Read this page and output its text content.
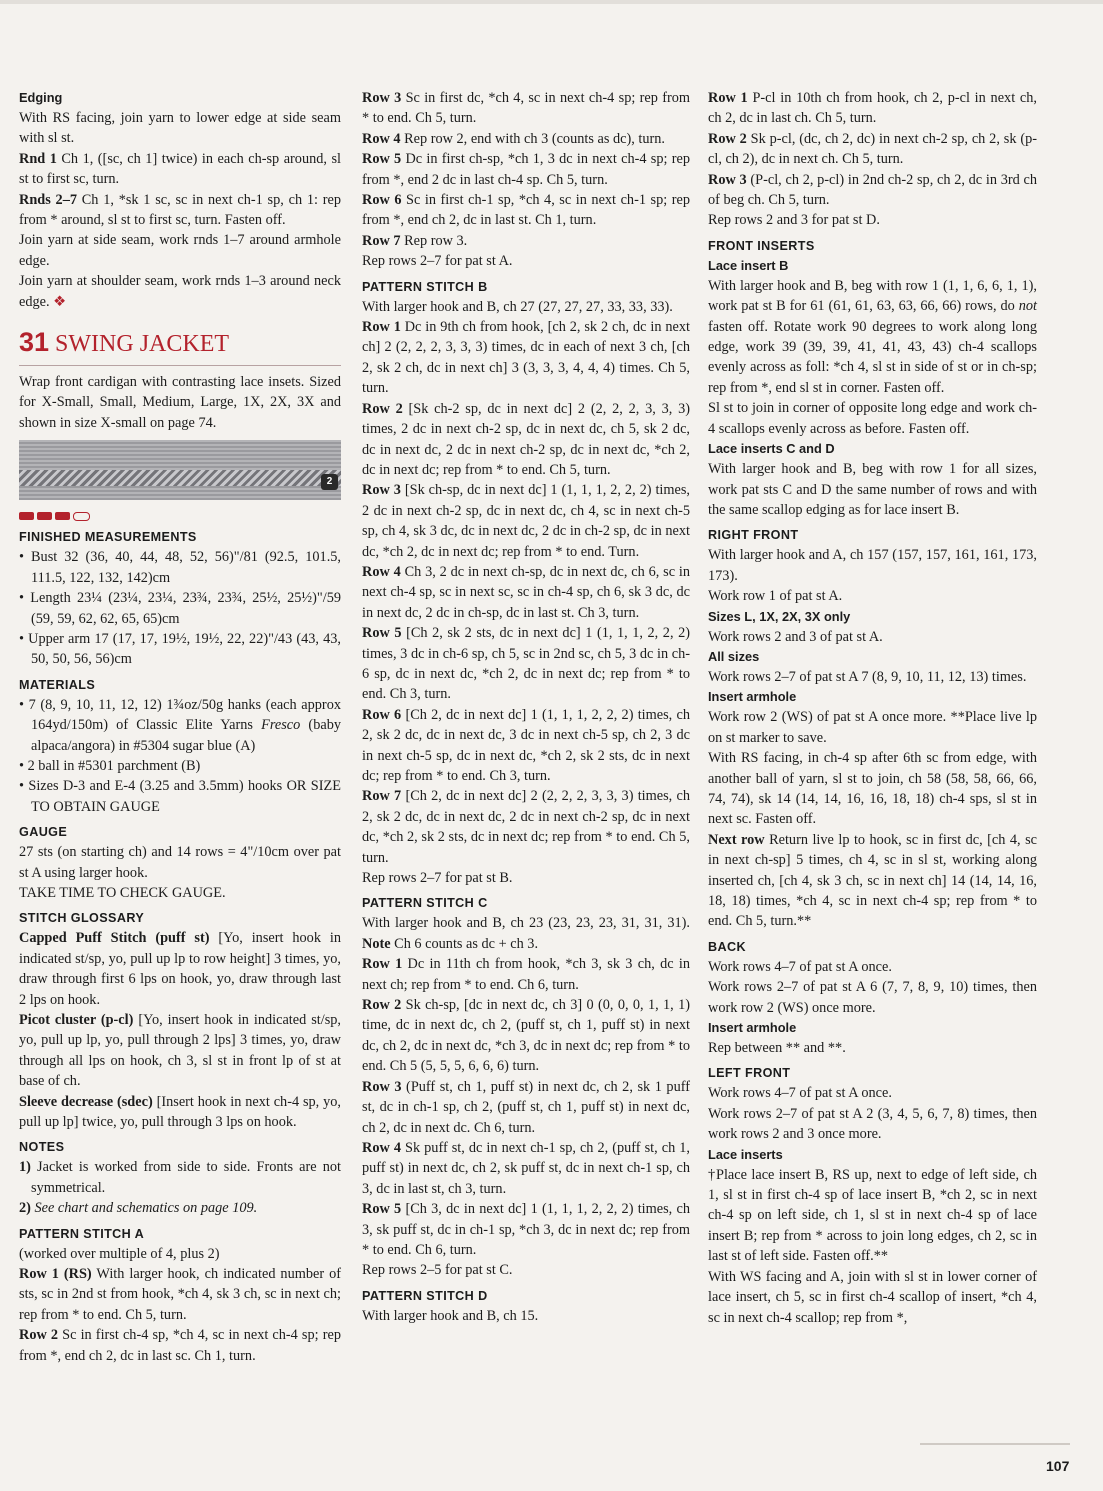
Edging

With RS facing, join yarn to lower edge at side seam with sl st.

Rnd 1 Ch 1, ([sc, ch 1] twice) in each ch-sp around, sl st to first sc, turn.

Rnds 2–7 Ch 1, *sk 1 sc, sc in next ch-1 sp, ch 1: rep from * around, sl st to first sc, turn. Fasten off.

Join yarn at side seam, work rnds 1–7 around armhole edge.

Join yarn at shoulder seam, work rnds 1–3 around neck edge. ❖

31 SWING JACKET

Wrap front cardigan with contrasting lace insets. Sized for X-Small, Small, Medium, Large, 1X, 2X, 3X and shown in size X-small on page 74.

2
FINISHED MEASUREMENTS

• Bust 32 (36, 40, 44, 48, 52, 56)"/81 (92.5, 101.5, 111.5, 122, 132, 142)cm

• Length 23¼ (23¼, 23¼, 23¾, 23¾, 25½, 25½)"/59 (59, 59, 62, 62, 65, 65)cm

• Upper arm 17 (17, 17, 19½, 19½, 22, 22)"/43 (43, 43, 50, 50, 56, 56)cm

MATERIALS

• 7 (8, 9, 10, 11, 12, 12) 1¾oz/50g hanks (each approx 164yd/150m) of Classic Elite Yarns Fresco (baby alpaca/angora) in #5304 sugar blue (A)

• 2 ball in #5301 parchment (B)

• Sizes D-3 and E-4 (3.25 and 3.5mm) hooks OR SIZE TO OBTAIN GAUGE

GAUGE

27 sts (on starting ch) and 14 rows = 4"/10cm over pat st A using larger hook.

TAKE TIME TO CHECK GAUGE.

STITCH GLOSSARY

Capped Puff Stitch (puff st) [Yo, insert hook in indicated st/sp, yo, pull up lp to row height] 3 times, yo, draw through first 6 lps on hook, yo, draw through last 2 lps on hook.

Picot cluster (p-cl) [Yo, insert hook in indicated st/sp, yo, pull up lp, yo, pull through 2 lps] 3 times, yo, draw through all lps on hook, ch 3, sl st in front lp of st at base of ch.

Sleeve decrease (sdec) [Insert hook in next ch-4 sp, yo, pull up lp] twice, yo, pull through 3 lps on hook.

NOTES

1) Jacket is worked from side to side. Fronts are not symmetrical.

2) See chart and schematics on page 109.

PATTERN STITCH A

(worked over multiple of 4, plus 2)

Row 1 (RS) With larger hook, ch indicated number of sts, sc in 2nd st from hook, *ch 4, sk 3 ch, sc in next ch; rep from * to end. Ch 5, turn.

Row 2 Sc in first ch-4 sp, *ch 4, sc in next ch-4 sp; rep from *, end ch 2, dc in last sc. Ch 1, turn.

Row 3 Sc in first dc, *ch 4, sc in next ch-4 sp; rep from * to end. Ch 5, turn.

Row 4 Rep row 2, end with ch 3 (counts as dc), turn.

Row 5 Dc in first ch-sp, *ch 1, 3 dc in next ch-4 sp; rep from *, end 2 dc in last ch-4 sp. Ch 5, turn.

Row 6 Sc in first ch-1 sp, *ch 4, sc in next ch-1 sp; rep from *, end ch 2, dc in last st. Ch 1, turn.

Row 7 Rep row 3.

Rep rows 2–7 for pat st A.

PATTERN STITCH B

With larger hook and B, ch 27 (27, 27, 27, 33, 33, 33).

Row 1 Dc in 9th ch from hook, [ch 2, sk 2 ch, dc in next ch] 2 (2, 2, 2, 3, 3, 3) times, dc in each of next 3 ch, [ch 2, sk 2 ch, dc in next ch] 3 (3, 3, 3, 4, 4, 4) times. Ch 5, turn.

Row 2 [Sk ch-2 sp, dc in next dc] 2 (2, 2, 2, 3, 3, 3) times, 2 dc in next ch-2 sp, dc in next dc, ch 5, sk 2 dc, dc in next dc, 2 dc in next ch-2 sp, dc in next dc, *ch 2, dc in next dc; rep from * to end. Ch 5, turn.

Row 3 [Sk ch-sp, dc in next dc] 1 (1, 1, 1, 2, 2, 2) times, 2 dc in next ch-2 sp, dc in next dc, ch 4, sc in next ch-5 sp, ch 4, sk 3 dc, dc in next dc, 2 dc in ch-2 sp, dc in next dc, *ch 2, dc in next dc; rep from * to end. Turn.

Row 4 Ch 3, 2 dc in next ch-sp, dc in next dc, ch 6, sc in next ch-4 sp, sc in next sc, sc in ch-4 sp, ch 6, sk 3 dc, dc in next dc, 2 dc in ch-sp, dc in last st. Ch 3, turn.

Row 5 [Ch 2, sk 2 sts, dc in next dc] 1 (1, 1, 1, 2, 2, 2) times, 3 dc in ch-6 sp, ch 5, sc in 2nd sc, ch 5, 3 dc in ch-6 sp, dc in next dc, *ch 2, dc in next dc; rep from * to end. Ch 3, turn.

Row 6 [Ch 2, dc in next dc] 1 (1, 1, 1, 2, 2, 2) times, ch 2, sk 2 dc, dc in next dc, 3 dc in next ch-5 sp, ch 2, 3 dc in next ch-5 sp, dc in next dc, *ch 2, sk 2 sts, dc in next dc; rep from * to end. Ch 3, turn.

Row 7 [Ch 2, dc in next dc] 2 (2, 2, 2, 3, 3, 3) times, ch 2, sk 2 dc, dc in next dc, 2 dc in next ch-2 sp, dc in next dc, *ch 2, sk 2 sts, dc in next dc; rep from * to end. Ch 5, turn.

Rep rows 2–7 for pat st B.

PATTERN STITCH C

With larger hook and B, ch 23 (23, 23, 23, 31, 31, 31). Note Ch 6 counts as dc + ch 3.

Row 1 Dc in 11th ch from hook, *ch 3, sk 3 ch, dc in next ch; rep from * to end. Ch 6, turn.

Row 2 Sk ch-sp, [dc in next dc, ch 3] 0 (0, 0, 0, 1, 1, 1) time, dc in next dc, ch 2, (puff st, ch 1, puff st) in next dc, ch 2, dc in next dc, *ch 3, dc in next dc; rep from * to end. Ch 5 (5, 5, 5, 6, 6, 6) turn.

Row 3 (Puff st, ch 1, puff st) in next dc, ch 2, sk 1 puff st, dc in ch-1 sp, ch 2, (puff st, ch 1, puff st) in next dc, ch 2, dc in next dc. Ch 6, turn.

Row 4 Sk puff st, dc in next ch-1 sp, ch 2, (puff st, ch 1, puff st) in next dc, ch 2, sk puff st, dc in next ch-1 sp, ch 3, dc in last st, ch 3, turn.

Row 5 [Ch 3, dc in next dc] 1 (1, 1, 1, 2, 2, 2) times, ch 3, sk puff st, dc in ch-1 sp, *ch 3, dc in next dc; rep from * to end. Ch 6, turn.

Rep rows 2–5 for pat st C.

PATTERN STITCH D

With larger hook and B, ch 15.

Row 1 P-cl in 10th ch from hook, ch 2, p-cl in next ch, ch 2, dc in last ch. Ch 5, turn.

Row 2 Sk p-cl, (dc, ch 2, dc) in next ch-2 sp, ch 2, sk (p-cl, ch 2), dc in next ch. Ch 5, turn.

Row 3 (P-cl, ch 2, p-cl) in 2nd ch-2 sp, ch 2, dc in 3rd ch of beg ch. Ch 5, turn.

Rep rows 2 and 3 for pat st D.

FRONT INSERTS
Lace insert B

With larger hook and B, beg with row 1 (1, 1, 6, 6, 1, 1), work pat st B for 61 (61, 61, 63, 63, 66, 66) rows, do not fasten off. Rotate work 90 degrees to work along long edge, work 39 (39, 39, 41, 41, 43, 43) ch-4 scallops evenly across as foll: *ch 4, sl st in side of st or in ch-sp; rep from *, end sl st in corner. Fasten off.

Sl st to join in corner of opposite long edge and work ch-4 scallops evenly across as before. Fasten off.

Lace inserts C and D

With larger hook and B, beg with row 1 for all sizes, work pat sts C and D the same number of rows and with the same scallop edging as for lace insert B.

RIGHT FRONT

With larger hook and A, ch 157 (157, 157, 161, 161, 173, 173).

Work row 1 of pat st A.

Sizes L, 1X, 2X, 3X only

Work rows 2 and 3 of pat st A.

All sizes

Work rows 2–7 of pat st A 7 (8, 9, 10, 11, 12, 13) times.

Insert armhole

Work row 2 (WS) of pat st A once more. **Place live lp on st marker to save.

With RS facing, in ch-4 sp after 6th sc from edge, with another ball of yarn, sl st to join, ch 58 (58, 58, 66, 66, 74, 74), sk 14 (14, 14, 16, 16, 18, 18) ch-4 sps, sl st in next sc. Fasten off.

Next row Return live lp to hook, sc in first dc, [ch 4, sc in next ch-sp] 5 times, ch 4, sc in sl st, working along inserted ch, [ch 4, sk 3 ch, sc in next ch] 14 (14, 14, 16, 18, 18) times, *ch 4, sc in next ch-4 sp; rep from * to end. Ch 5, turn.**

BACK

Work rows 4–7 of pat st A once.

Work rows 2–7 of pat st A 6 (7, 7, 8, 9, 10) times, then work row 2 (WS) once more.

Insert armhole

Rep between ** and **.

LEFT FRONT

Work rows 4–7 of pat st A once.

Work rows 2–7 of pat st A 2 (3, 4, 5, 6, 7, 8) times, then work rows 2 and 3 once more.

Lace inserts

†Place lace insert B, RS up, next to edge of left side, ch 1, sl st in first ch-4 sp of lace insert B, *ch 2, sc in next ch-4 sp on left side, ch 1, sl st in next ch-4 sp of lace insert B; rep from * across to join long edges, ch 2, sc in last st of left side. Fasten off.**

With WS facing and A, join with sl st in lower corner of lace insert, ch 5, sc in first ch-4 scallop of insert, *ch 4, sc in next ch-4 scallop; rep from *,

107
